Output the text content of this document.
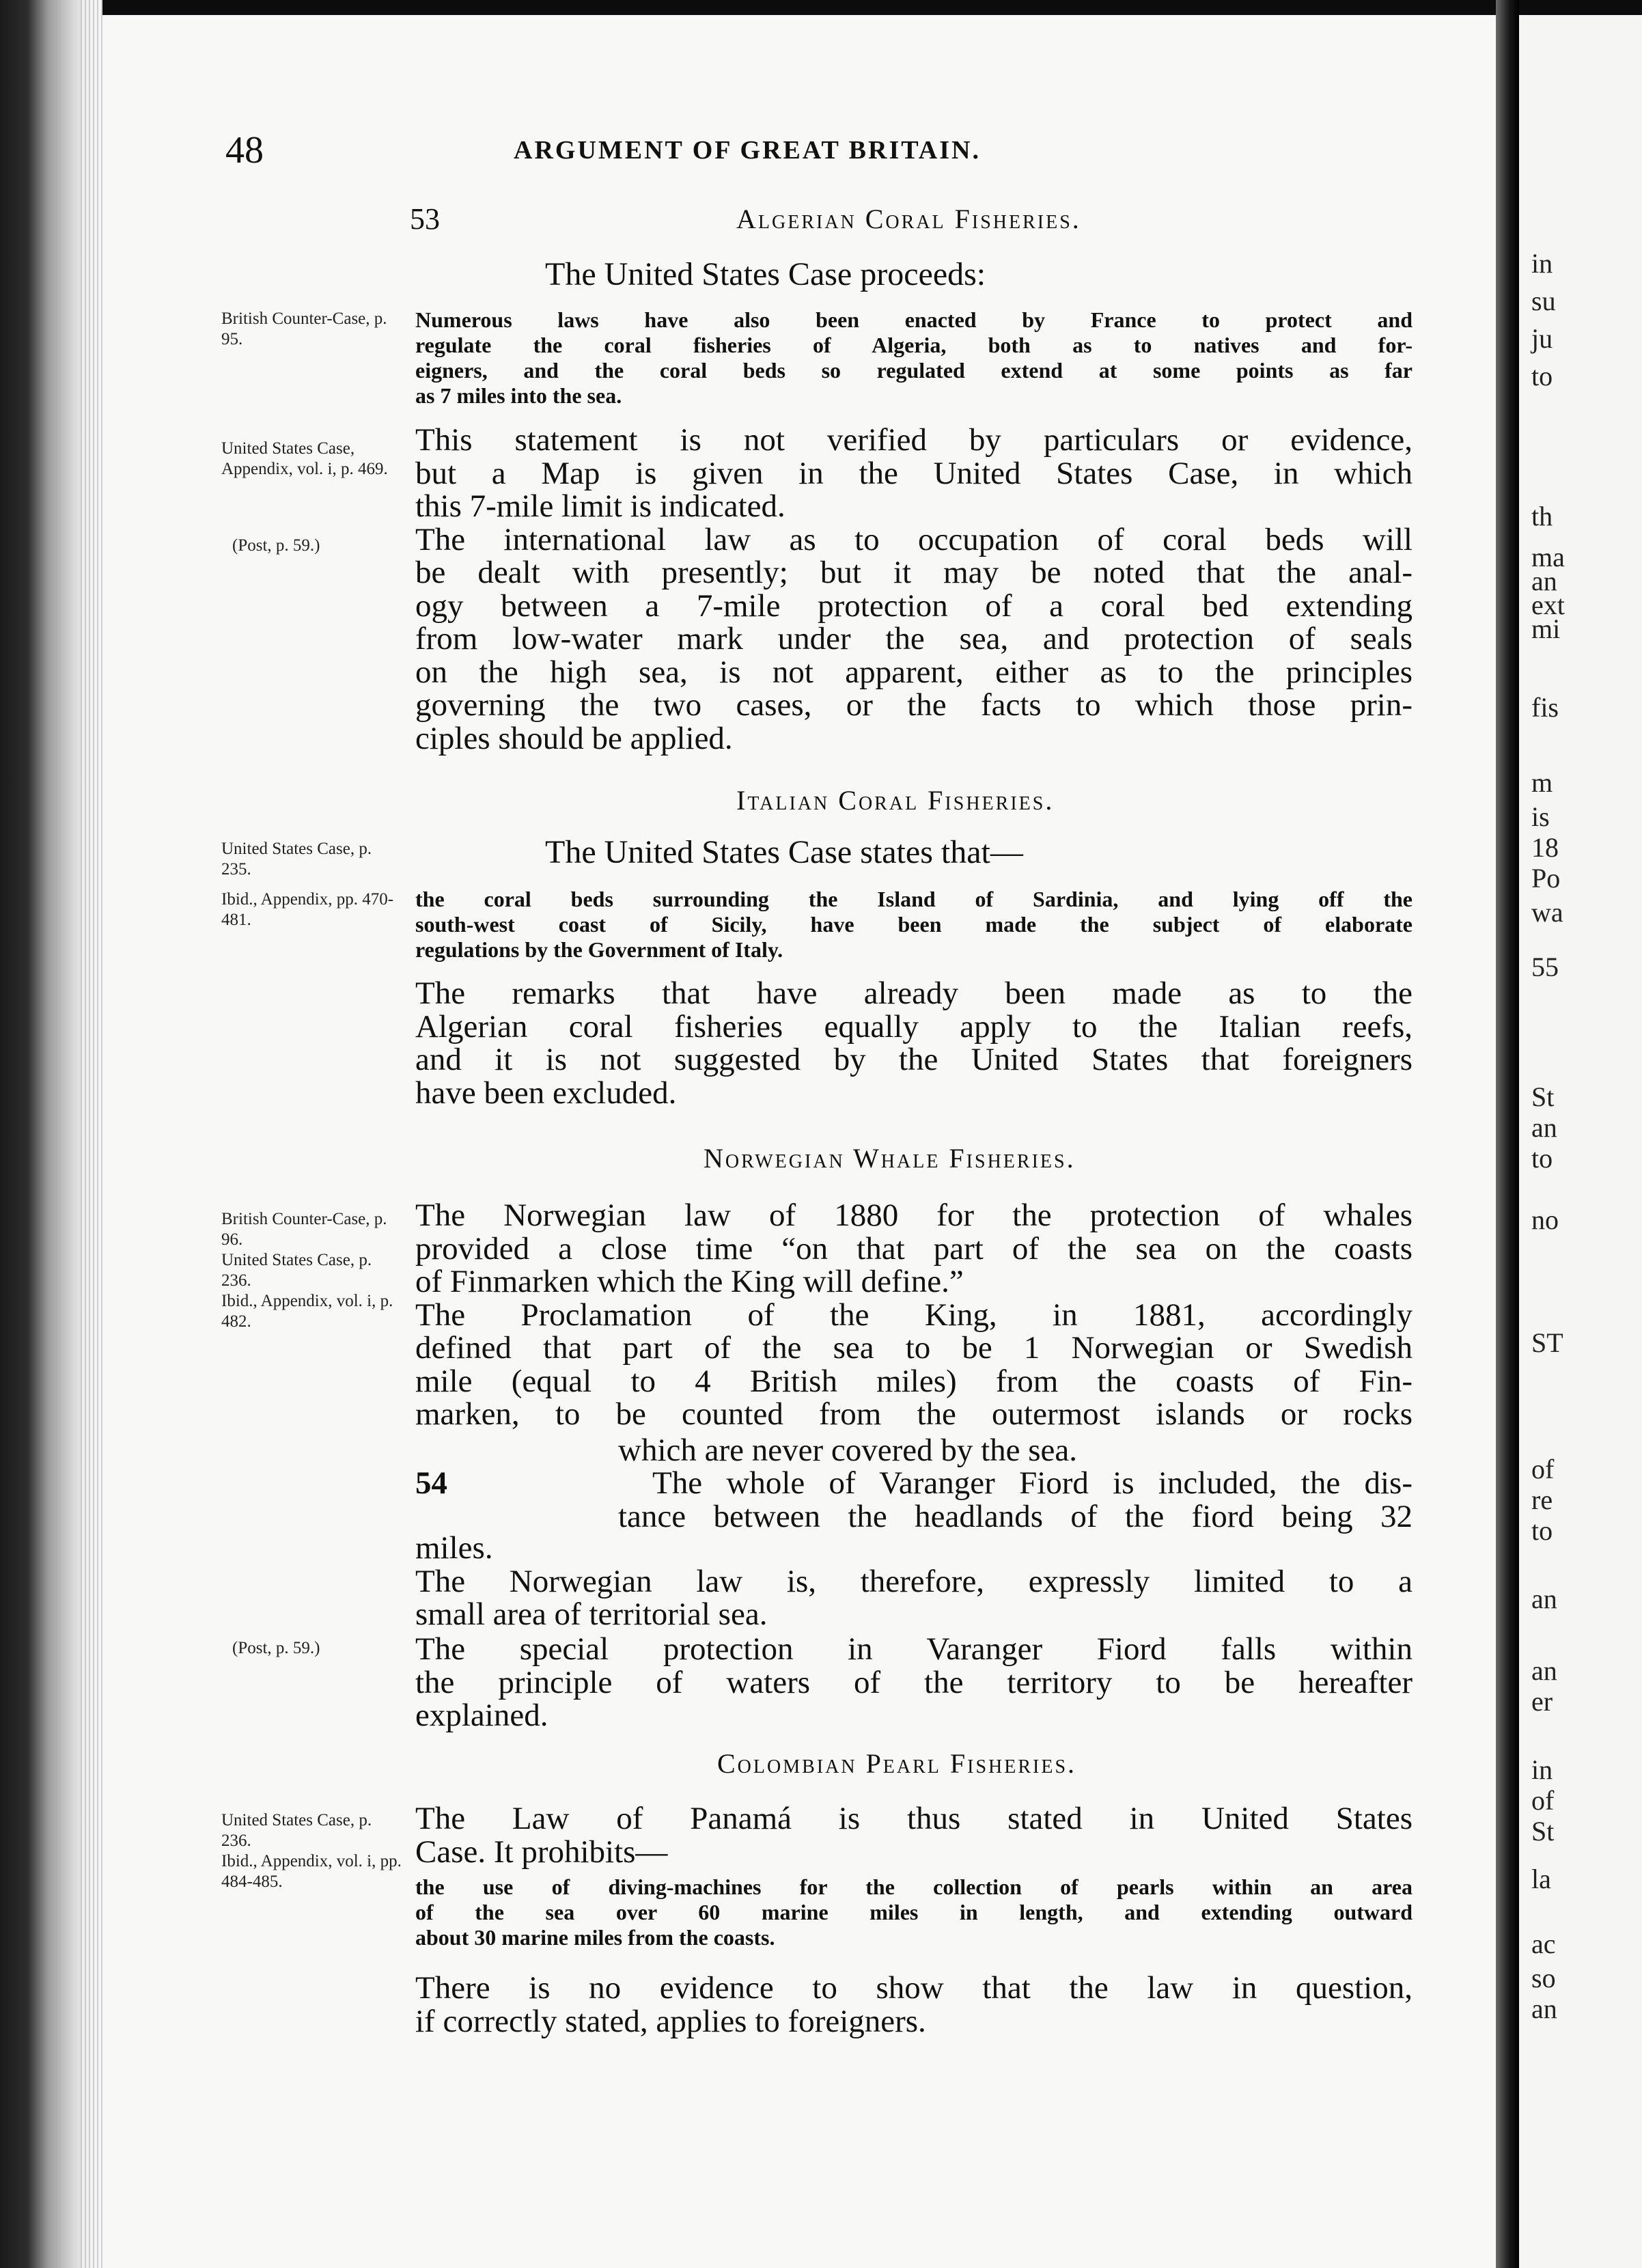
in
su
ju
to
th
ma
an
ext
mi
fis
m
is
18
Po
wa
55
St
an
to
no
ST
of
re
to
an
an
er
in
of
St
la
ac
so
an
48	ARGUMENT OF GREAT BRITAIN.
53	Algerian Coral Fisheries.
The United States Case proceeds:
British Counter-Case, p. 95.
Numerous laws have also been enacted by France to protect and
regulate the coral fisheries of Algeria, both as to natives and for-
eigners, and the coral beds so regulated extend at some points as far
as 7 miles into the sea.
United States Case, Appendix, vol. i, p. 469.
(Post, p. 59.)
This statement is not verified by particulars or evidence,
but a Map is given in the United States Case, in which
this 7-mile limit is indicated.
The international law as to occupation of coral beds will
be dealt with presently; but it may be noted that the anal-
ogy between a 7-mile protection of a coral bed extending
from low-water mark under the sea, and protection of seals
on the high sea, is not apparent, either as to the principles
governing the two cases, or the facts to which those prin-
ciples should be applied.
Italian Coral Fisheries.
United States Case, p. 235.	The United States Case states that—
Ibid., Appendix, pp. 470-481.
the coral beds surrounding the Island of Sardinia, and lying off the
south-west coast of Sicily, have been made the subject of elaborate
regulations by the Government of Italy.
The remarks that have already been made as to the
Algerian coral fisheries equally apply to the Italian reefs,
and it is not suggested by the United States that foreigners
have been excluded.
Norwegian Whale Fisheries.
British Counter-Case, p. 96.
United States Case, p. 236.
Ibid., Appendix, vol. i, p. 482.
The Norwegian law of 1880 for the protection of whales
provided a close time “on that part of the sea on the coasts
of Finmarken which the King will define.”
The Proclamation of the King, in 1881, accordingly
defined that part of the sea to be 1 Norwegian or Swedish
mile (equal to 4 British miles) from the coasts of Fin-
marken, to be counted from the outermost islands or rocks
which are never covered by the sea.
54	The whole of Varanger Fiord is included, the dis-
tance between the headlands of the fiord being 32
miles.
The Norwegian law is, therefore, expressly limited to a
small area of territorial sea.
(Post, p. 59.)	The special protection in Varanger Fiord falls within
the principle of waters of the territory to be hereafter
explained.
Colombian Pearl Fisheries.
United States Case, p. 236.
Ibid., Appendix, vol. i, pp. 484-485.
The Law of Panamá is thus stated in United States
Case. It prohibits—
the use of diving-machines for the collection of pearls within an area
of the sea over 60 marine miles in length, and extending outward
about 30 marine miles from the coasts.
There is no evidence to show that the law in question,
if correctly stated, applies to foreigners.
